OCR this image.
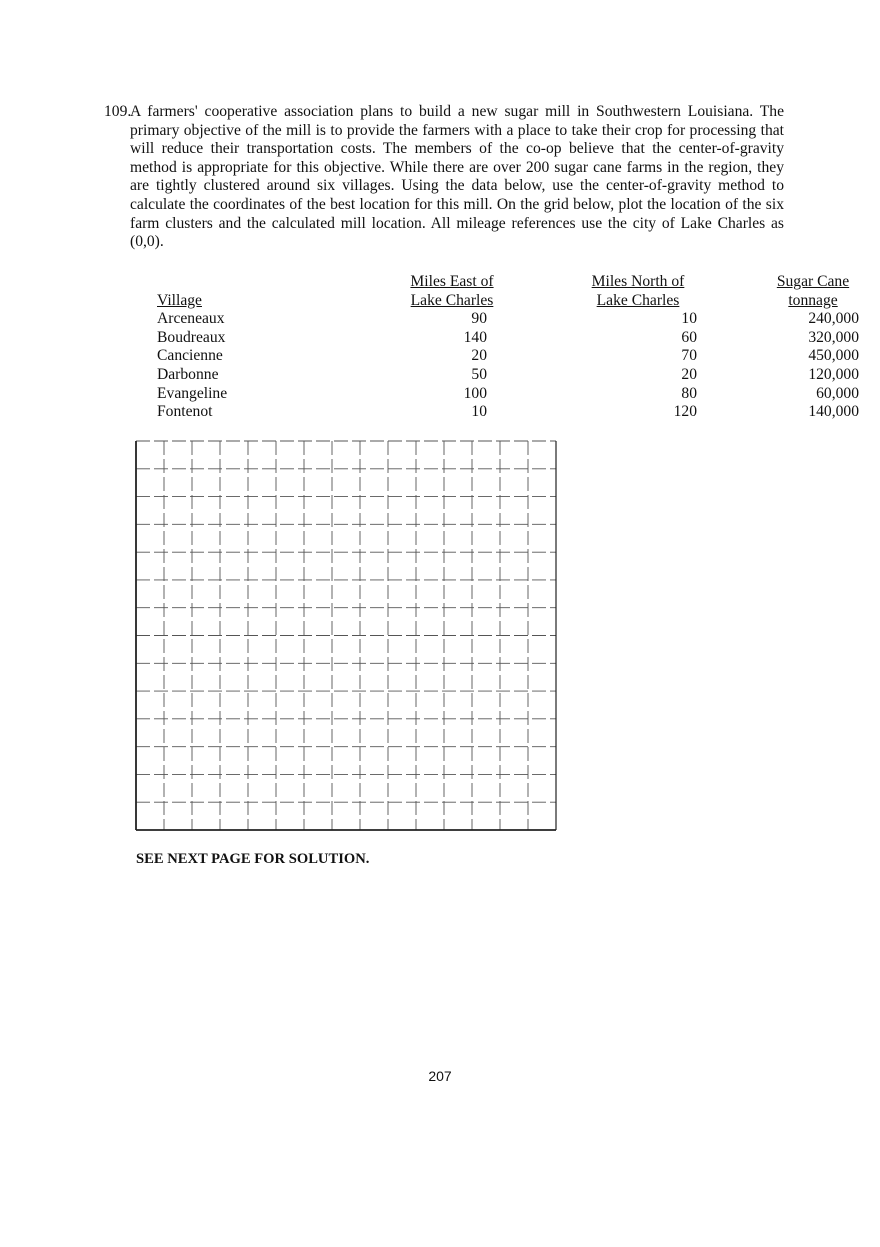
109.
A farmers' cooperative association plans to build a new sugar mill in Southwestern Louisiana. The primary objective of the mill is to provide the farmers with a place to take their crop for processing that will reduce their transportation costs. The members of the co-op believe that the center-of-gravity method is appropriate for this objective. While there are over 200 sugar cane farms in the region, they are tightly clustered around six villages. Using the data below, use the center-of-gravity method to calculate the coordinates of the best location for this mill. On the grid below, plot the location of the six farm clusters and the calculated mill location. All mileage references use the city of Lake Charles as (0,0).
	Miles East of	Miles North of	Sugar Cane
Village	Lake Charles	Lake Charles	tonnage
Arceneaux	90	10	240,000
Boudreaux	140	60	320,000
Cancienne	20	70	450,000
Darbonne	50	20	120,000
Evangeline	100	80	60,000
Fontenot	10	120	140,000
SEE NEXT PAGE FOR SOLUTION.
207
